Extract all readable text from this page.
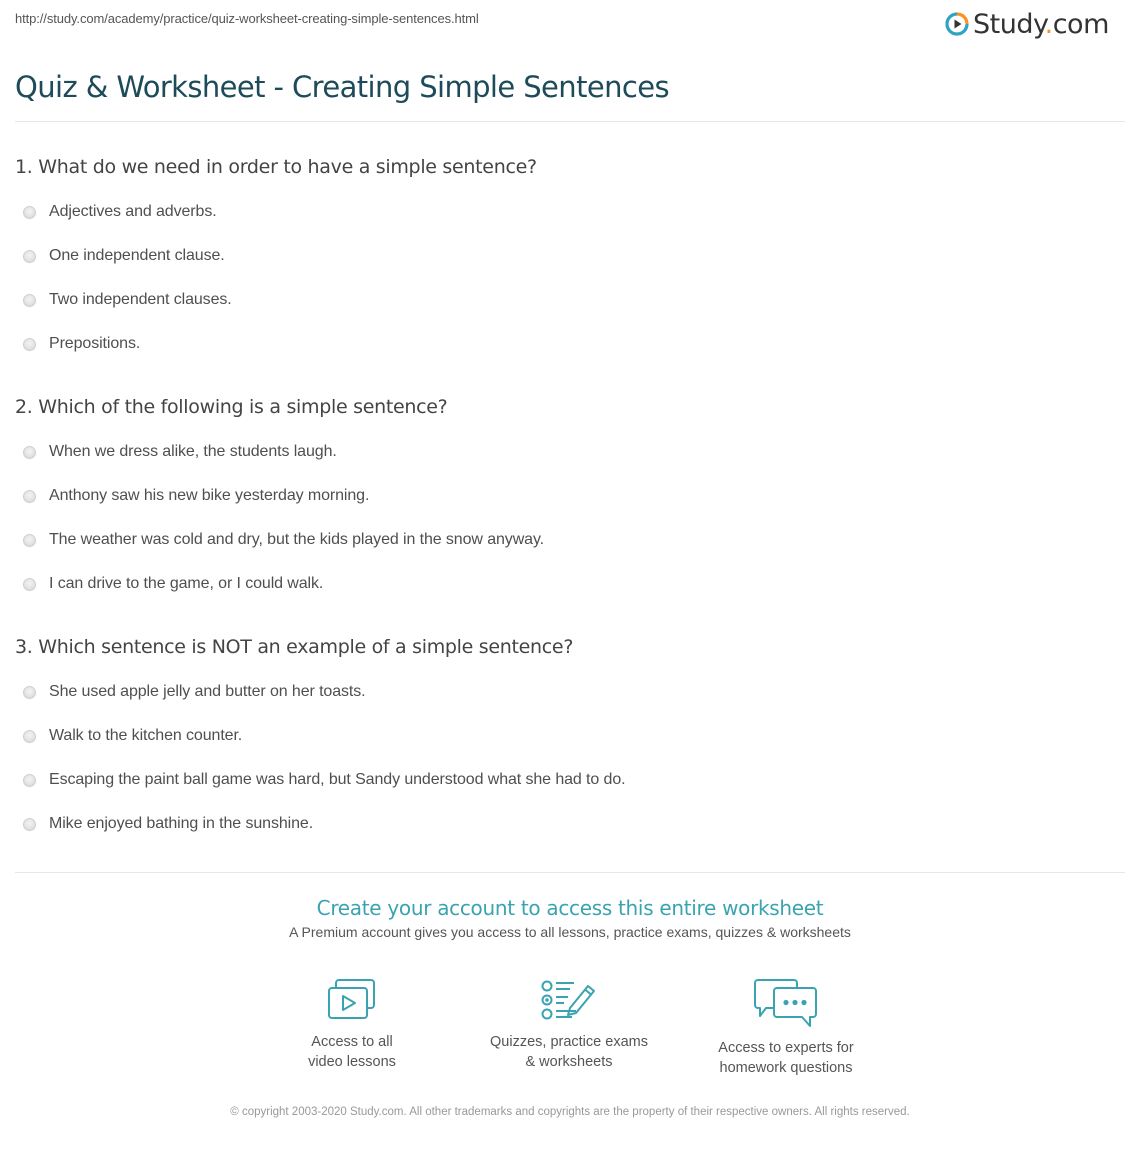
http://study.com/academy/practice/quiz-worksheet-creating-simple-sentences.html	Study.com
Quiz & Worksheet - Creating Simple Sentences
1. What do we need in order to have a simple sentence?
Adjectives and adverbs.
One independent clause.
Two independent clauses.
Prepositions.
2. Which of the following is a simple sentence?
When we dress alike, the students laugh.
Anthony saw his new bike yesterday morning.
The weather was cold and dry, but the kids played in the snow anyway.
I can drive to the game, or I could walk.
3. Which sentence is NOT an example of a simple sentence?
She used apple jelly and butter on her toasts.
Walk to the kitchen counter.
Escaping the paint ball game was hard, but Sandy understood what she had to do.
Mike enjoyed bathing in the sunshine.
Create your account to access this entire worksheet
A Premium account gives you access to all lessons, practice exams, quizzes & worksheets
Access to all
video lessons
Quizzes, practice exams
& worksheets
Access to experts for
homework questions
© copyright 2003-2020 Study.com. All other trademarks and copyrights are the property of their respective owners. All rights reserved.
